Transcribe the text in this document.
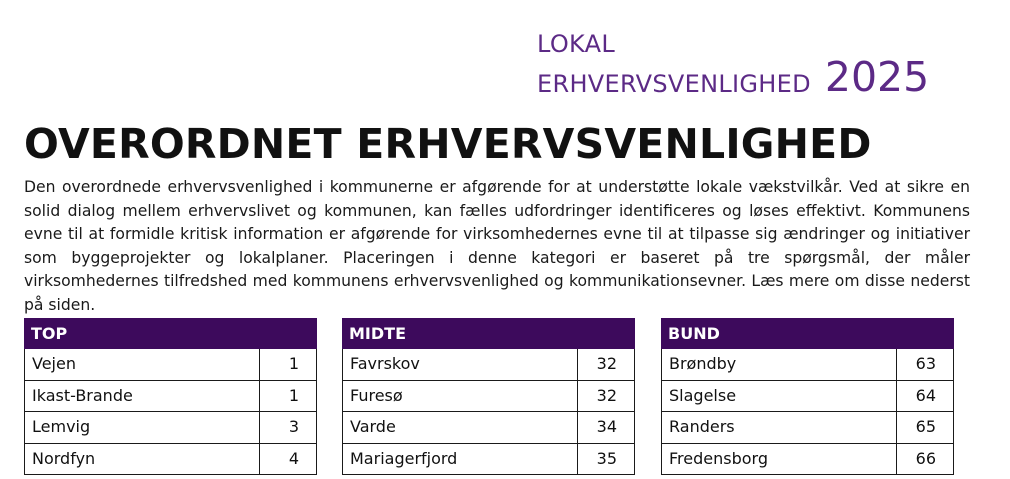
LOKAL
ERHVERVSVENLIGHED 2025
OVERORDNET ERHVERVSVENLIGHED

Den overordnede erhvervsvenlighed i kommunerne er afgørende for at understøtte lokale vækstvilkår. Ved at sikre en solid dialog mellem erhvervslivet og kommunen, kan fælles udfordringer identificeres og løses effektivt. Kommunens evne til at formidle kritisk information er afgørende for virksomhedernes evne til at tilpasse sig ændringer og initiativer som byggeprojekter og lokalplaner. Placeringen i denne kategori er baseret på tre spørgsmål, der måler virksomhedernes tilfredshed med kommunens erhvervsvenlighed og kommunikationsevner. Læs mere om disse nederst på siden.

TOP
Vejen	1
Ikast-Brande	1
Lemvig	3
Nordfyn	4
MIDTE
Favrskov	32
Furesø	32
Varde	34
Mariagerfjord	35
BUND
Brøndby	63
Slagelse	64
Randers	65
Fredensborg	66
